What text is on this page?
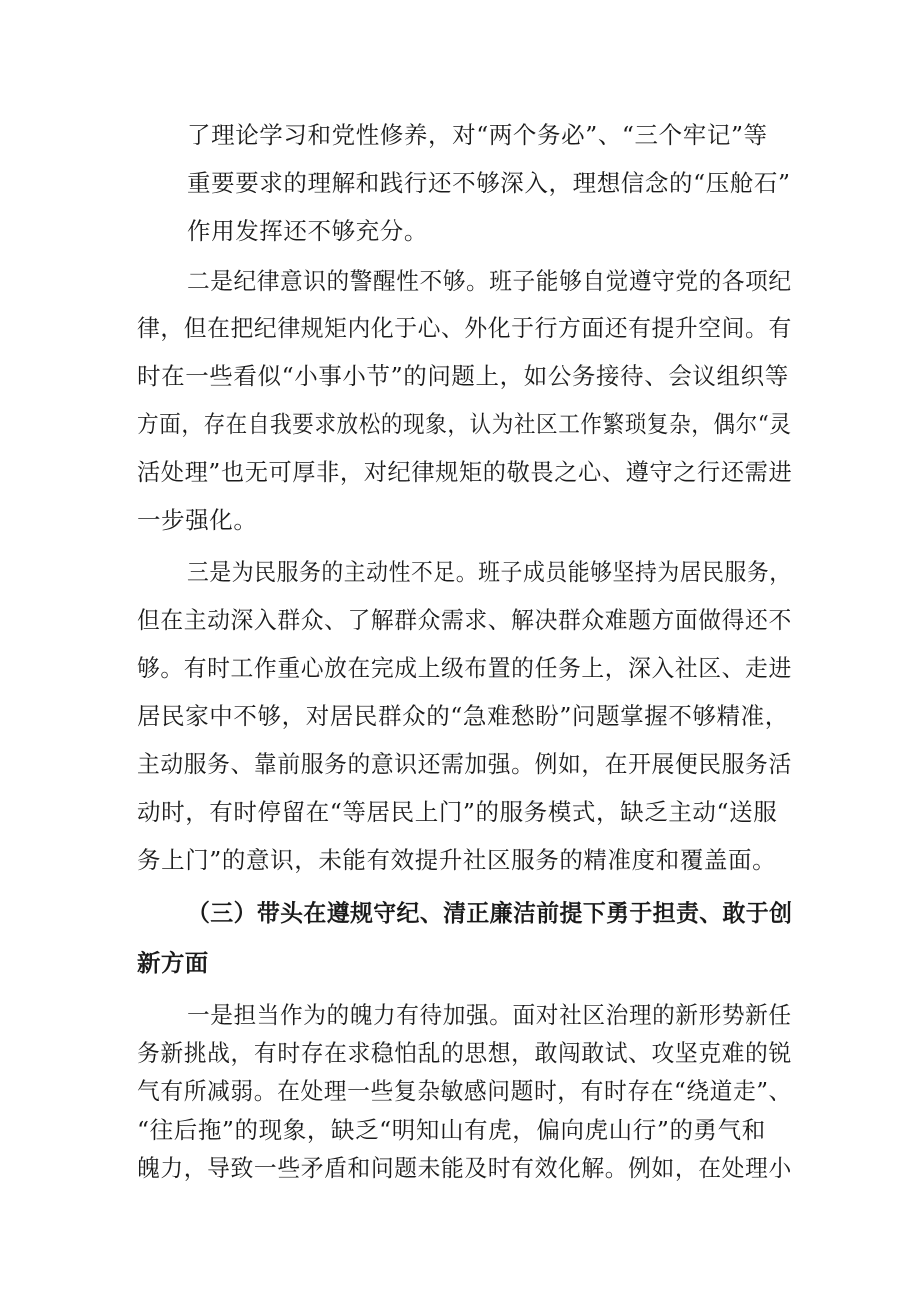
了理论学习和党性修养，对“两个务必”、“三个牢记”等
重要要求的理解和践行还不够深入，理想信念的“压舱石”
作用发挥还不够充分。
二是纪律意识的警醒性不够。班子能够自觉遵守党的各项纪
律，但在把纪律规矩内化于心、外化于行方面还有提升空间。有
时在一些看似“小事小节”的问题上，如公务接待、会议组织等
方面，存在自我要求放松的现象，认为社区工作繁琐复杂，偶尔“灵
活处理”也无可厚非，对纪律规矩的敬畏之心、遵守之行还需进
一步强化。
三是为民服务的主动性不足。班子成员能够坚持为居民服务，
但在主动深入群众、了解群众需求、解决群众难题方面做得还不
够。有时工作重心放在完成上级布置的任务上，深入社区、走进
居民家中不够，对居民群众的“急难愁盼”问题掌握不够精准，
主动服务、靠前服务的意识还需加强。例如，在开展便民服务活
动时，有时停留在“等居民上门”的服务模式，缺乏主动“送服
务上门”的意识，未能有效提升社区服务的精准度和覆盖面。
（三）带头在遵规守纪、清正廉洁前提下勇于担责、敢于创
新方面
一是担当作为的魄力有待加强。面对社区治理的新形势新任
务新挑战，有时存在求稳怕乱的思想，敢闯敢试、攻坚克难的锐
气有所减弱。在处理一些复杂敏感问题时，有时存在“绕道走”、
“往后拖”的现象，缺乏“明知山有虎，偏向虎山行”的勇气和
魄力，导致一些矛盾和问题未能及时有效化解。例如，在处理小
